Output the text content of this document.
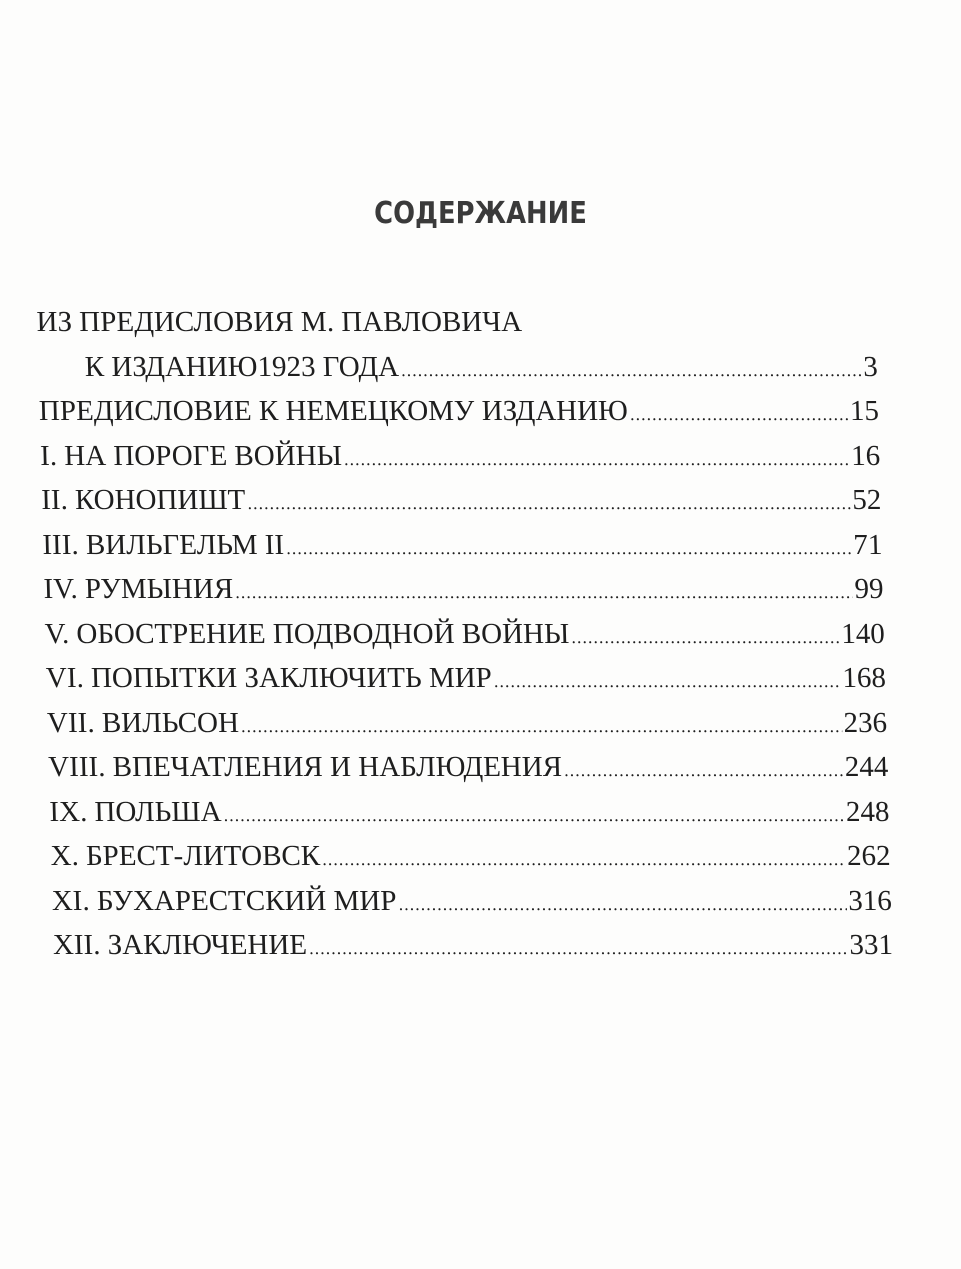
СОДЕРЖАНИЕ
ИЗ ПРЕДИСЛОВИЯ М. ПАВЛОВИЧА
К ИЗДАНИЮ1923 ГОДА .....	3
ПРЕДИСЛОВИЕ К НЕМЕЦКОМУ ИЗДАНИЮ .....	15
I. НА ПОРОГЕ ВОЙНЫ .....	16
II. КОНОПИШТ .....	52
III. ВИЛЬГЕЛЬМ II .....	71
IV. РУМЫНИЯ .....	99
V. ОБОСТРЕНИЕ ПОДВОДНОЙ ВОЙНЫ .....	140
VI. ПОПЫТКИ ЗАКЛЮЧИТЬ МИР .....	168
VII. ВИЛЬСОН .....	236
VIII. ВПЕЧАТЛЕНИЯ И НАБЛЮДЕНИЯ .....	244
IX. ПОЛЬША .....	248
X. БРЕСТ-ЛИТОВСК .....	262
XI. БУХАРЕСТСКИЙ МИР .....	316
XII. ЗАКЛЮЧЕНИЕ .....	331
